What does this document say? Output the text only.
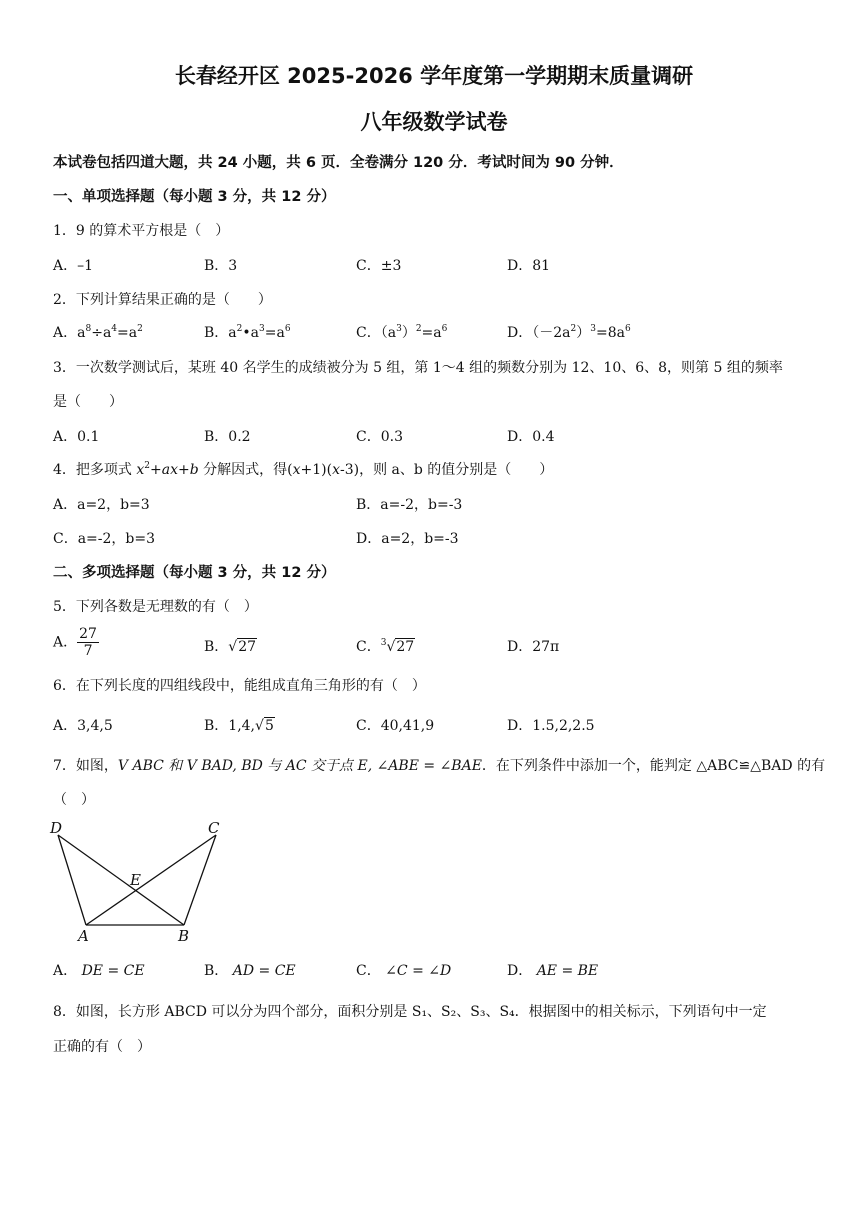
长春经开区 2025-2026 学年度第一学期期末质量调研
八年级数学试卷
本试卷包括四道大题，共 24 小题，共 6 页．全卷满分 120 分．考试时间为 90 分钟．
一、单项选择题（每小题 3 分，共 12 分）
1．9 的算术平方根是（　）
A．–1	B．3	C．±3	D．81
2．下列计算结果正确的是（　　）
A．$a^8\div a^4=a^2$	B．$a^2•a^3=a^6$	C．$(a^3)^2=a^6$	D．$(-2a^2)^3=8a^6$
3．一次数学测试后，某班 40 名学生的成绩被分为 5 组，第 1～4 组的频数分别为 12、10、6、8，则第 5 组的频率
是（　　）
A．0.1	B．0.2	C．0.3	D．0.4
4．把多项式 $x^2+ax+b$ 分解因式，得(x+1)(x-3)，则 a、b 的值分别是（　　）
A．a=2，b=3	B．a=-2，b=-3
C．a=-2，b=3	D．a=2，b=-3
二、多项选择题（每小题 3 分，共 12 分）
5．下列各数是无理数的有（　）
A． $\frac{27}{7}$	B．√27	C．$^3$√27	D．27π
6．在下列长度的四组线段中，能组成直角三角形的有（　）
A．3,4,5	B．1,4,√5	C．40,41,9	D．1.5,2,2.5
7．如图，V ABC 和 V BAD, BD 与 AC 交于点 E, ∠ABE = ∠BAE．在下列条件中添加一个，能判定 △ABC≌△BAD 的有
（　）
D	C
E
A	B
A． DE = CE	B． AD = CE	C． ∠C = ∠D	D． AE = BE
8．如图，长方形 ABCD 可以分为四个部分，面积分别是 S₁、S₂、S₃、S₄．根据图中的相关标示，下列语句中一定
正确的有（　）
